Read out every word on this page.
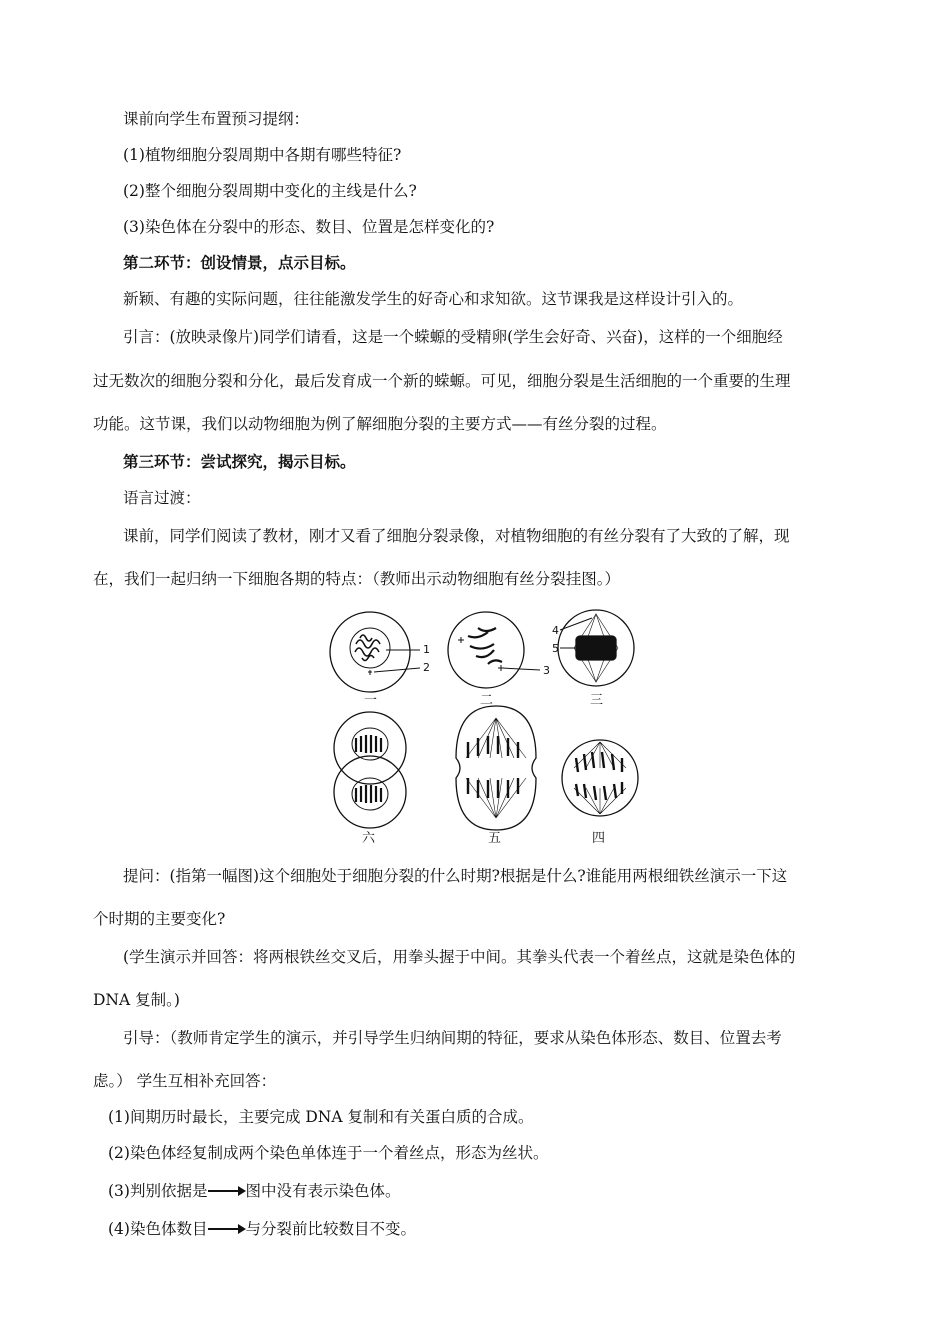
课前向学生布置预习提纲：
(1)植物细胞分裂周期中各期有哪些特征?
(2)整个细胞分裂周期中变化的主线是什么?
(3)染色体在分裂中的形态、数目、位置是怎样变化的?
第二环节：创设情景，点示目标。
新颖、有趣的实际问题，往往能激发学生的好奇心和求知欲。这节课我是这样设计引入的。
引言：(放映录像片)同学们请看，这是一个蝾螈的受精卵(学生会好奇、兴奋)，这样的一个细胞经
过无数次的细胞分裂和分化，最后发育成一个新的蝾螈。可见，细胞分裂是生活细胞的一个重要的生理
功能。这节课，我们以动物细胞为例了解细胞分裂的主要方式——有丝分裂的过程。
第三环节：尝试探究，揭示目标。
语言过渡：
课前，同学们阅读了教材，刚才又看了细胞分裂录像，对植物细胞的有丝分裂有了大致的了解，现
在，我们一起归纳一下细胞各期的特点：（教师出示动物细胞有丝分裂挂图。）
1
2	3
4
5
一	二	三
六	五	四
提问：(指第一幅图)这个细胞处于细胞分裂的什么时期?根据是什么?谁能用两根细铁丝演示一下这
个时期的主要变化?
(学生演示并回答：将两根铁丝交叉后，用拳头握于中间。其拳头代表一个着丝点，这就是染色体的
DNA 复制。)
引导：（教师肯定学生的演示，并引导学生归纳间期的特征，要求从染色体形态、数目、位置去考
虑。） 学生互相补充回答：
(1)间期历时最长，主要完成 DNA 复制和有关蛋白质的合成。
(2)染色体经复制成两个染色单体连于一个着丝点，形态为丝状。
(3)判别依据是 图中没有表示染色体。
(4)染色体数目 与分裂前比较数目不变。
